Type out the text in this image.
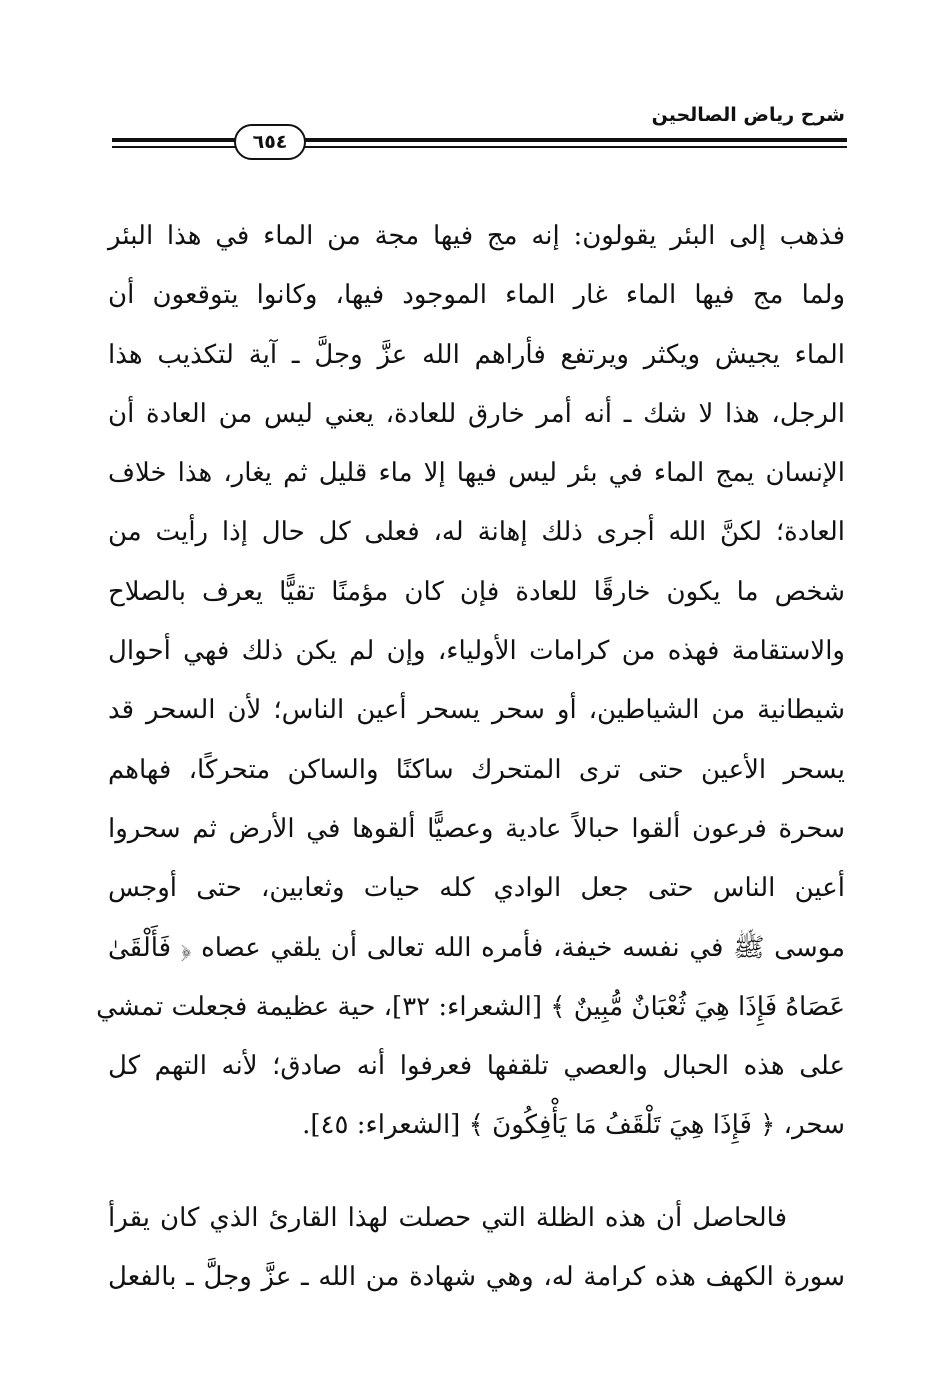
شرح رياض الصالحين
٦٥٤
فذهب إلى البئر يقولون: إنه مج فيها مجة من الماء في هذا البئر
ولما مج فيها الماء غار الماء الموجود فيها، وكانوا يتوقعون أن
الماء يجيش ويكثر ويرتفع فأراهم الله عزَّ وجلَّ ـ آية لتكذيب هذا
الرجل، هذا لا شك ـ أنه أمر خارق للعادة، يعني ليس من العادة أن
الإنسان يمج الماء في بئر ليس فيها إلا ماء قليل ثم يغار، هذا خلاف
العادة؛ لكنَّ الله أجرى ذلك إهانة له، فعلى كل حال إذا رأيت من
شخص ما يكون خارقًا للعادة فإن كان مؤمنًا تقيًّا يعرف بالصلاح
والاستقامة فهذه من كرامات الأولياء، وإن لم يكن ذلك فهي أحوال
شيطانية من الشياطين، أو سحر يسحر أعين الناس؛ لأن السحر قد
يسحر الأعين حتى ترى المتحرك ساكنًا والساكن متحركًا، فهاهم
سحرة فرعون ألقوا حبالاً عادية وعصيًّا ألقوها في الأرض ثم سحروا
أعين الناس حتى جعل الوادي كله حيات وثعابين، حتى أوجس
موسى ﷺ في نفسه خيفة، فأمره الله تعالى أن يلقي عصاه ﴿ فَأَلْقَىٰ
عَصَاهُ فَإِذَا هِيَ ثُعْبَانٌ مُّبِينٌ ﴾ [الشعراء: ٣٢]، حية عظيمة فجعلت تمشي
على هذه الحبال والعصي تلقفها فعرفوا أنه صادق؛ لأنه التهم كل
سحر، ﴿ فَإِذَا هِيَ تَلْقَفُ مَا يَأْفِكُونَ ﴾ [الشعراء: ٤٥].
فالحاصل أن هذه الظلة التي حصلت لهذا القارئ الذي كان يقرأ
سورة الكهف هذه كرامة له، وهي شهادة من الله ـ عزَّ وجلَّ ـ بالفعل
